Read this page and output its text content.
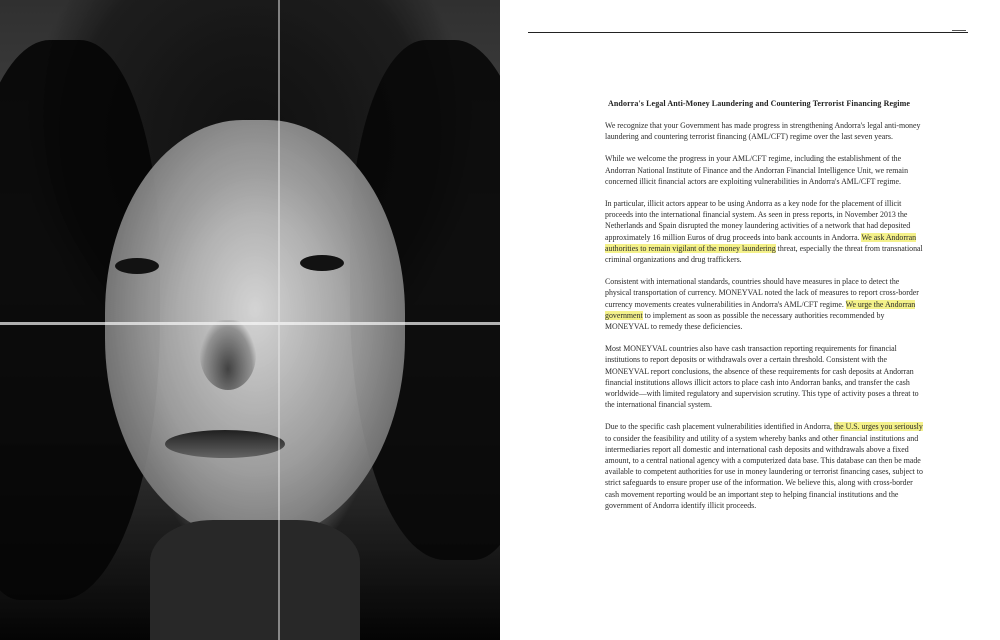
Andorra's Legal Anti-Money Laundering and Countering Terrorist Financing Regime

We recognize that your Government has made progress in strengthening Andorra's legal anti-money laundering and countering terrorist financing (AML/CFT) regime over the last seven years.

While we welcome the progress in your AML/CFT regime, including the establishment of the Andorran National Institute of Finance and the Andorran Financial Intelligence Unit, we remain concerned illicit financial actors are exploiting vulnerabilities in Andorra's AML/CFT regime.

In particular, illicit actors appear to be using Andorra as a key node for the placement of illicit proceeds into the international financial system. As seen in press reports, in November 2013 the Netherlands and Spain disrupted the money laundering activities of a network that had deposited approximately 16 million Euros of drug proceeds into bank accounts in Andorra. We ask Andorran authorities to remain vigilant of the money laundering threat, especially the threat from transnational criminal organizations and drug traffickers.

Consistent with international standards, countries should have measures in place to detect the physical transportation of currency. MONEYVAL noted the lack of measures to report cross-border currency movements creates vulnerabilities in Andorra's AML/CFT regime. We urge the Andorran government to implement as soon as possible the necessary authorities recommended by MONEYVAL to remedy these deficiencies.

Most MONEYVAL countries also have cash transaction reporting requirements for financial institutions to report deposits or withdrawals over a certain threshold. Consistent with the MONEYVAL report conclusions, the absence of these requirements for cash deposits at Andorran financial institutions allows illicit actors to place cash into Andorran banks, and transfer the cash worldwide—with limited regulatory and supervision scrutiny. This type of activity poses a threat to the international financial system.

Due to the specific cash placement vulnerabilities identified in Andorra, the U.S. urges you seriously to consider the feasibility and utility of a system whereby banks and other financial institutions and intermediaries report all domestic and international cash deposits and withdrawals above a fixed amount, to a central national agency with a computerized data base. This database can then be made available to competent authorities for use in money laundering or terrorist financing cases, subject to strict safeguards to ensure proper use of the information. We believe this, along with cross-border cash movement reporting would be an important step to helping financial institutions and the government of Andorra identify illicit proceeds.
